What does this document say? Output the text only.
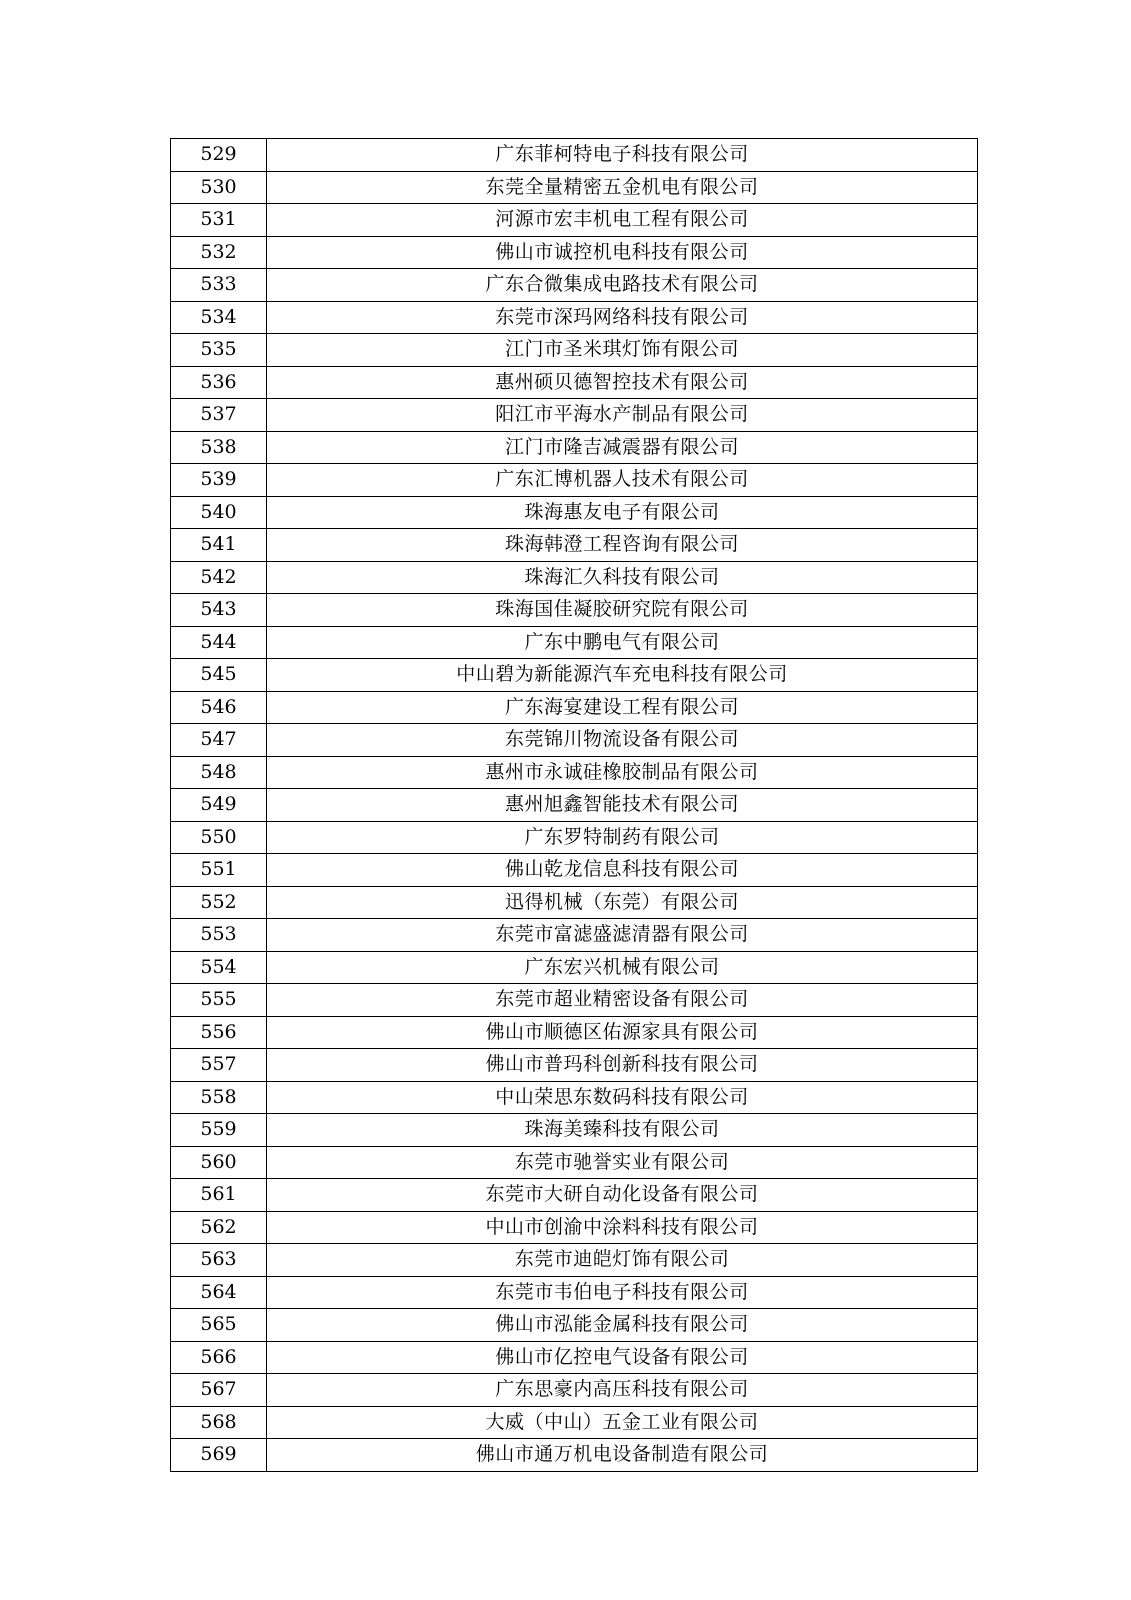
529	广东菲柯特电子科技有限公司
530	东莞全量精密五金机电有限公司
531	河源市宏丰机电工程有限公司
532	佛山市诚控机电科技有限公司
533	广东合微集成电路技术有限公司
534	东莞市深玛网络科技有限公司
535	江门市圣米琪灯饰有限公司
536	惠州硕贝德智控技术有限公司
537	阳江市平海水产制品有限公司
538	江门市隆吉减震器有限公司
539	广东汇博机器人技术有限公司
540	珠海惠友电子有限公司
541	珠海韩澄工程咨询有限公司
542	珠海汇久科技有限公司
543	珠海国佳凝胶研究院有限公司
544	广东中鹏电气有限公司
545	中山碧为新能源汽车充电科技有限公司
546	广东海宴建设工程有限公司
547	东莞锦川物流设备有限公司
548	惠州市永诚硅橡胶制品有限公司
549	惠州旭鑫智能技术有限公司
550	广东罗特制药有限公司
551	佛山乾龙信息科技有限公司
552	迅得机械（东莞）有限公司
553	东莞市富滤盛滤清器有限公司
554	广东宏兴机械有限公司
555	东莞市超业精密设备有限公司
556	佛山市顺德区佑源家具有限公司
557	佛山市普玛科创新科技有限公司
558	中山荣思东数码科技有限公司
559	珠海美臻科技有限公司
560	东莞市驰誉实业有限公司
561	东莞市大研自动化设备有限公司
562	中山市创渝中涂料科技有限公司
563	东莞市迪皑灯饰有限公司
564	东莞市韦伯电子科技有限公司
565	佛山市泓能金属科技有限公司
566	佛山市亿控电气设备有限公司
567	广东思豪内高压科技有限公司
568	大威（中山）五金工业有限公司
569	佛山市通万机电设备制造有限公司
